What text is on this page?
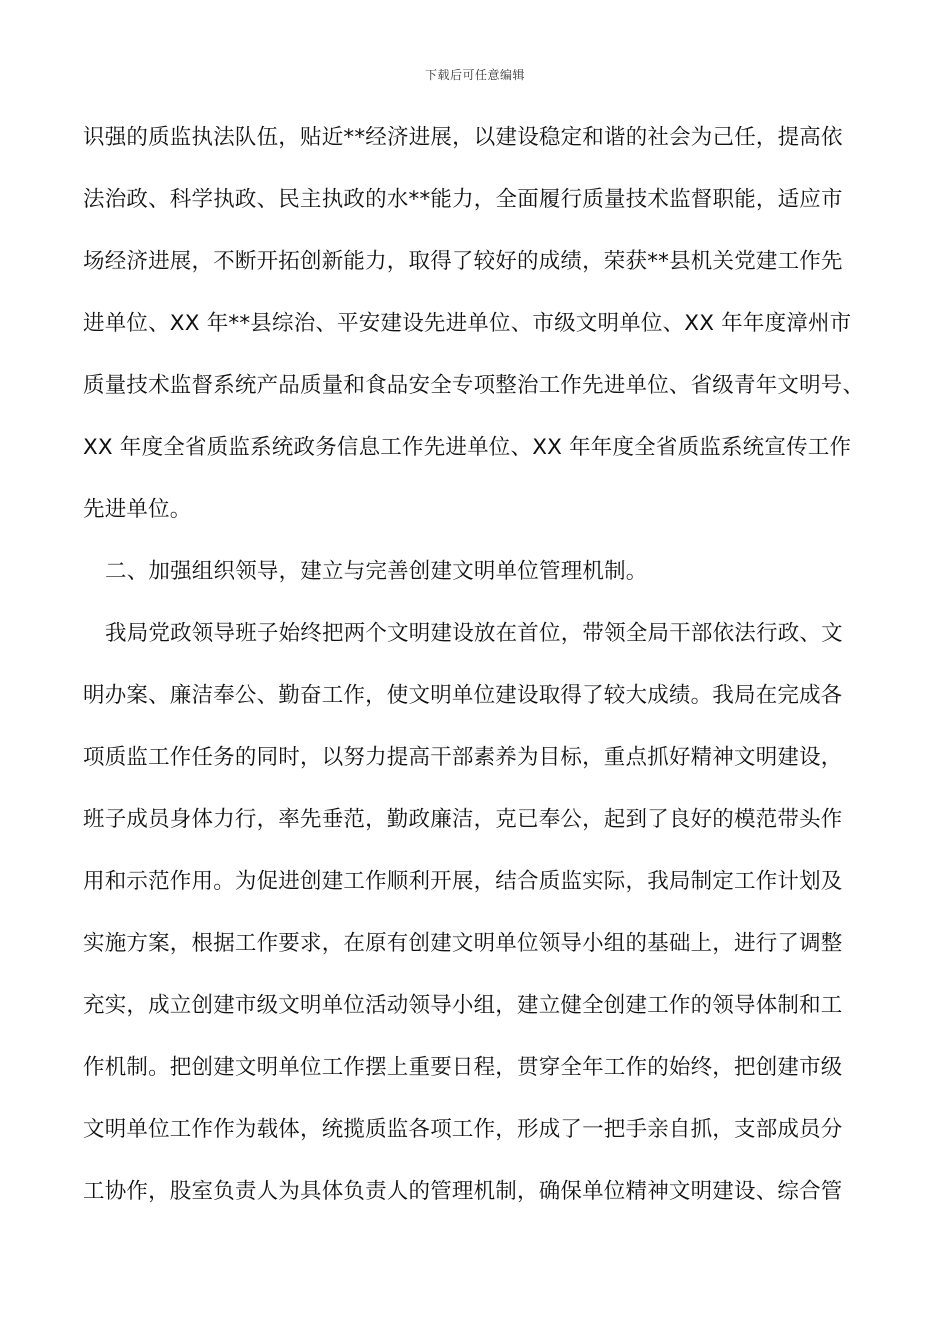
下载后可任意编辑
识强的质监执法队伍，贴近**经济进展，以建设稳定和谐的社会为己任，提高依
法治政、科学执政、民主执政的水**能力，全面履行质量技术监督职能，适应市
场经济进展，不断开拓创新能力，取得了较好的成绩，荣获**县机关党建工作先
进单位、XX 年**县综治、平安建设先进单位、市级文明单位、XX 年年度漳州市
质量技术监督系统产品质量和食品安全专项整治工作先进单位、省级青年文明号、
XX 年度全省质监系统政务信息工作先进单位、XX 年年度全省质监系统宣传工作
先进单位。
二、加强组织领导，建立与完善创建文明单位管理机制。
我局党政领导班子始终把两个文明建设放在首位，带领全局干部依法行政、文
明办案、廉洁奉公、勤奋工作，使文明单位建设取得了较大成绩。我局在完成各
项质监工作任务的同时，以努力提高干部素养为目标，重点抓好精神文明建设，
班子成员身体力行，率先垂范，勤政廉洁，克已奉公，起到了良好的模范带头作
用和示范作用。为促进创建工作顺利开展，结合质监实际，我局制定工作计划及
实施方案，根据工作要求，在原有创建文明单位领导小组的基础上，进行了调整
充实，成立创建市级文明单位活动领导小组，建立健全创建工作的领导体制和工
作机制。把创建文明单位工作摆上重要日程，贯穿全年工作的始终，把创建市级
文明单位工作作为载体，统揽质监各项工作，形成了一把手亲自抓，支部成员分
工协作，股室负责人为具体负责人的管理机制，确保单位精神文明建设、综合管
